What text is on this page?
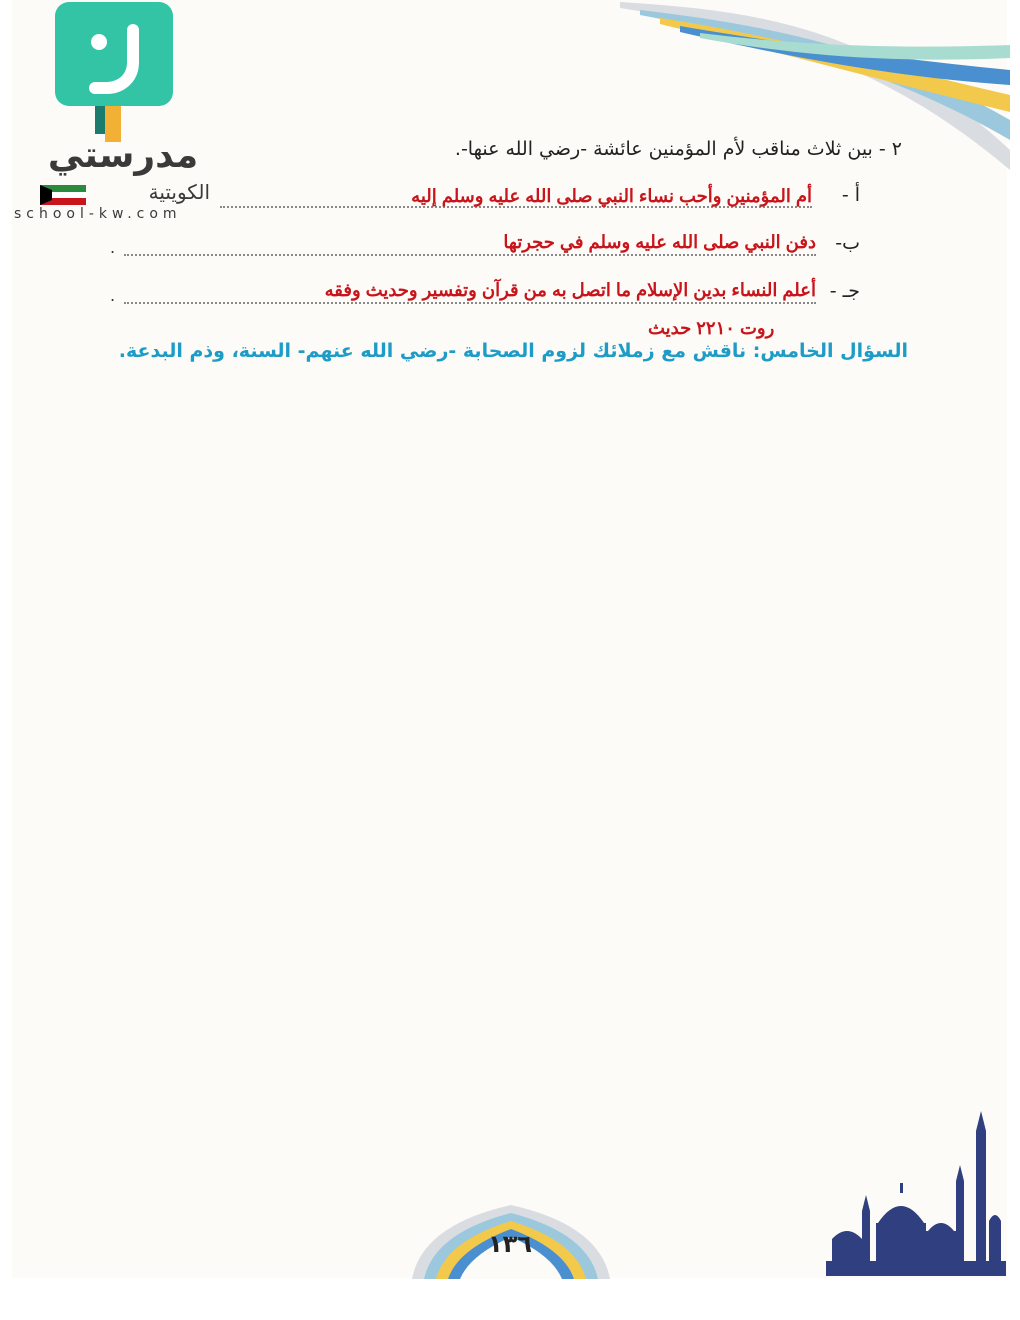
مدرستي
الكويتية
school-kw.com
٢ - بين ثلاث مناقب لأم المؤمنين عائشة -رضي الله عنها-.
أ -
أم المؤمنين وأحب نساء النبي صلى الله عليه وسلم إليه
ب-
.	دفن النبي صلى الله عليه وسلم في حجرتها
جـ -
.	أعلم النساء بدين الإسلام ما اتصل به من قرآن وتفسير وحديث وفقه
روت ٢٢١٠ حديث
السؤال الخامس: ناقش مع زملائك لزوم الصحابة -رضي الله عنهم- السنة، وذم البدعة.
١٣٦
